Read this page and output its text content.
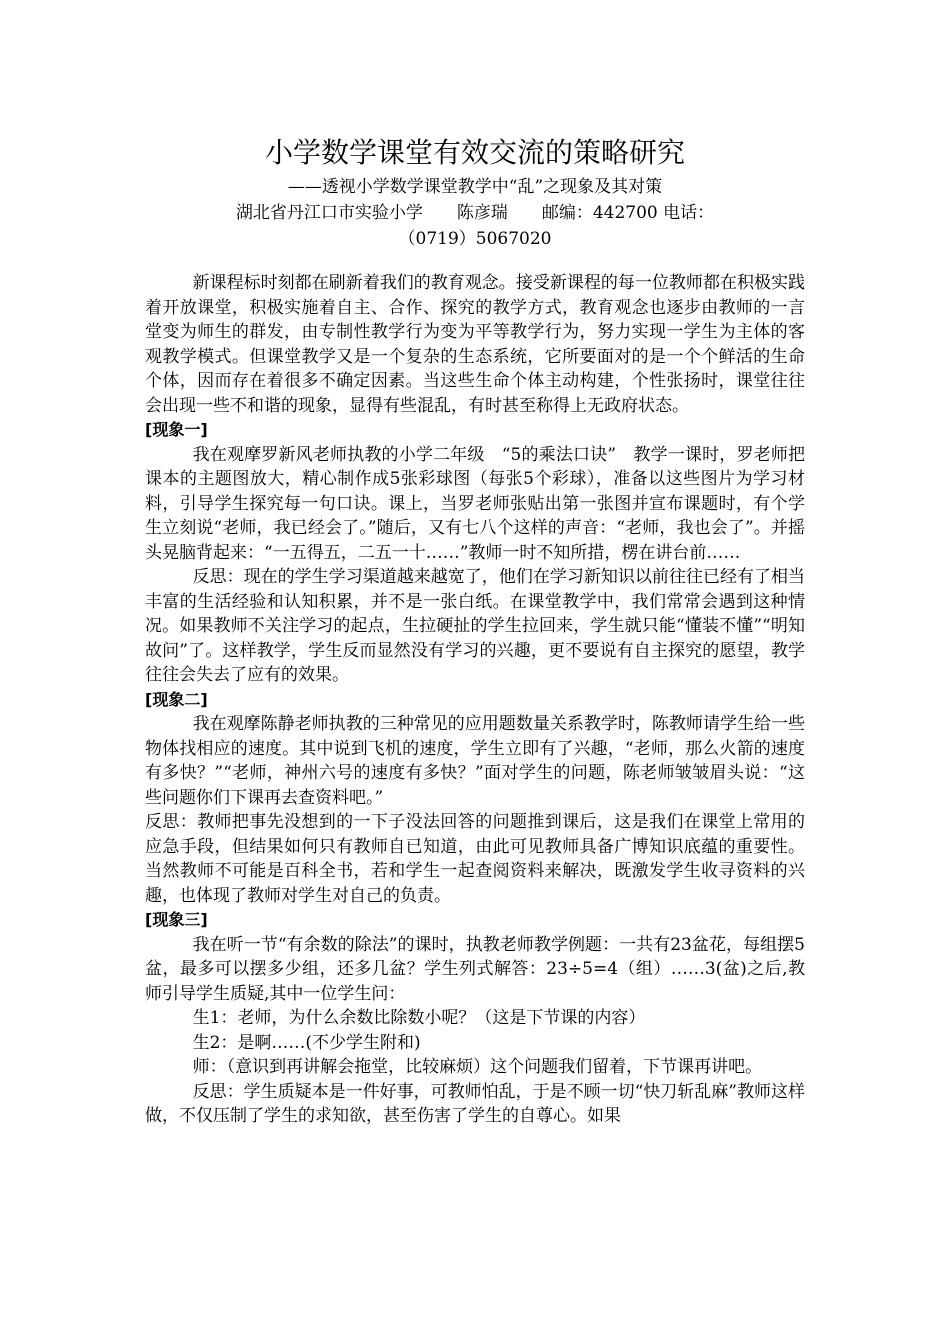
小学数学课堂有效交流的策略研究
——透视小学数学课堂教学中“乱”之现象及其对策
湖北省丹江口市实验小学　　陈彦瑞　　邮编：442700 电话：
（0719）5067020

新课程标时刻都在刷新着我们的教育观念。接受新课程的每一位教师都在积极实践着开放课堂，积极实施着自主、合作、探究的教学方式，教育观念也逐步由教师的一言堂变为师生的群发，由专制性教学行为变为平等教学行为，努力实现一学生为主体的客观教学模式。但课堂教学又是一个复杂的生态系统，它所要面对的是一个个鲜活的生命个体，因而存在着很多不确定因素。当这些生命个体主动构建，个性张扬时，课堂往往会出现一些不和谐的现象，显得有些混乱，有时甚至称得上无政府状态。

[现象一]

我在观摩罗新风老师执教的小学二年级　“5的乘法口诀”　教学一课时，罗老师把课本的主题图放大，精心制作成5张彩球图（每张5个彩球），准备以这些图片为学习材料，引导学生探究每一句口诀。课上，当罗老师张贴出第一张图并宣布课题时，有个学生立刻说“老师，我已经会了。”随后，又有七八个这样的声音：“老师，我也会了”。并摇头晃脑背起来：“一五得五，二五一十……”教师一时不知所措，楞在讲台前……

反思：现在的学生学习渠道越来越宽了，他们在学习新知识以前往往已经有了相当丰富的生活经验和认知积累，并不是一张白纸。在课堂教学中，我们常常会遇到这种情况。如果教师不关注学习的起点，生拉硬扯的学生拉回来，学生就只能“懂装不懂”“明知故问”了。这样教学，学生反而显然没有学习的兴趣，更不要说有自主探究的愿望，教学往往会失去了应有的效果。

[现象二]

我在观摩陈静老师执教的三种常见的应用题数量关系教学时，陈教师请学生给一些物体找相应的速度。其中说到飞机的速度，学生立即有了兴趣，“老师，那么火箭的速度有多快？”“老师，神州六号的速度有多快？”面对学生的问题，陈老师皱皱眉头说：“这些问题你们下课再去查资料吧。”

反思：教师把事先没想到的一下子没法回答的问题推到课后，这是我们在课堂上常用的应急手段，但结果如何只有教师自已知道，由此可见教师具备广博知识底蕴的重要性。当然教师不可能是百科全书，若和学生一起查阅资料来解决，既激发学生收寻资料的兴趣，也体现了教师对学生对自己的负责。

[现象三]

我在听一节“有余数的除法”的课时，执教老师教学例题：一共有23盆花，每组摆5盆，最多可以摆多少组，还多几盆？学生列式解答：23÷5=4（组）……3(盆)之后,教师引导学生质疑,其中一位学生问：

生1：老师，为什么余数比除数小呢？（这是下节课的内容）

生2：是啊……(不少学生附和)

师：（意识到再讲解会拖堂，比较麻烦）这个问题我们留着，下节课再讲吧。

反思：学生质疑本是一件好事，可教师怕乱，于是不顾一切“快刀斩乱麻”教师这样做，不仅压制了学生的求知欲，甚至伤害了学生的自尊心。如果
